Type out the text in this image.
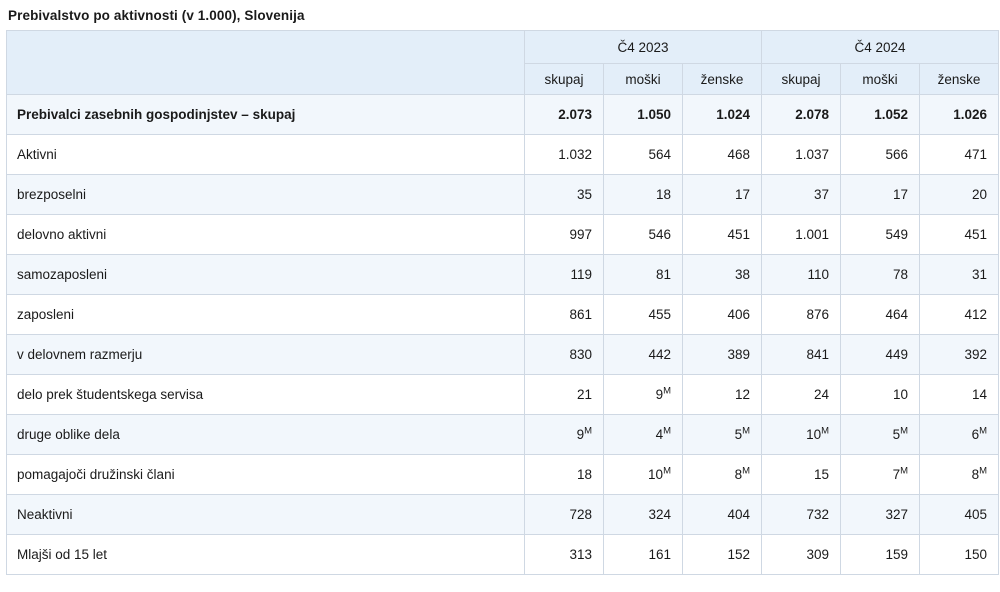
Prebivalstvo po aktivnosti (v 1.000), Slovenija
	Č4 2023			Č4 2024		
	skupaj	moški	ženske	skupaj	moški	ženske
Prebivalci zasebnih gospodinjstev – skupaj	2.073	1.050	1.024	2.078	1.052	1.026
Aktivni	1.032	564	468	1.037	566	471
brezposelni	35	18	17	37	17	20
delovno aktivni	997	546	451	1.001	549	451
samozaposleni	119	81	38	110	78	31
zaposleni	861	455	406	876	464	412
v delovnem razmerju	830	442	389	841	449	392
delo prek študentskega servisa	21	$9^M$	12	24	10	14
druge oblike dela	$9^M$	$4^M$	$5^M$	$10^M$	$5^M$	$6^M$
pomagajoči družinski člani	18	$10^M$	$8^M$	15	$7^M$	$8^M$
Neaktivni	728	324	404	732	327	405
Mlajši od 15 let	313	161	152	309	159	150
